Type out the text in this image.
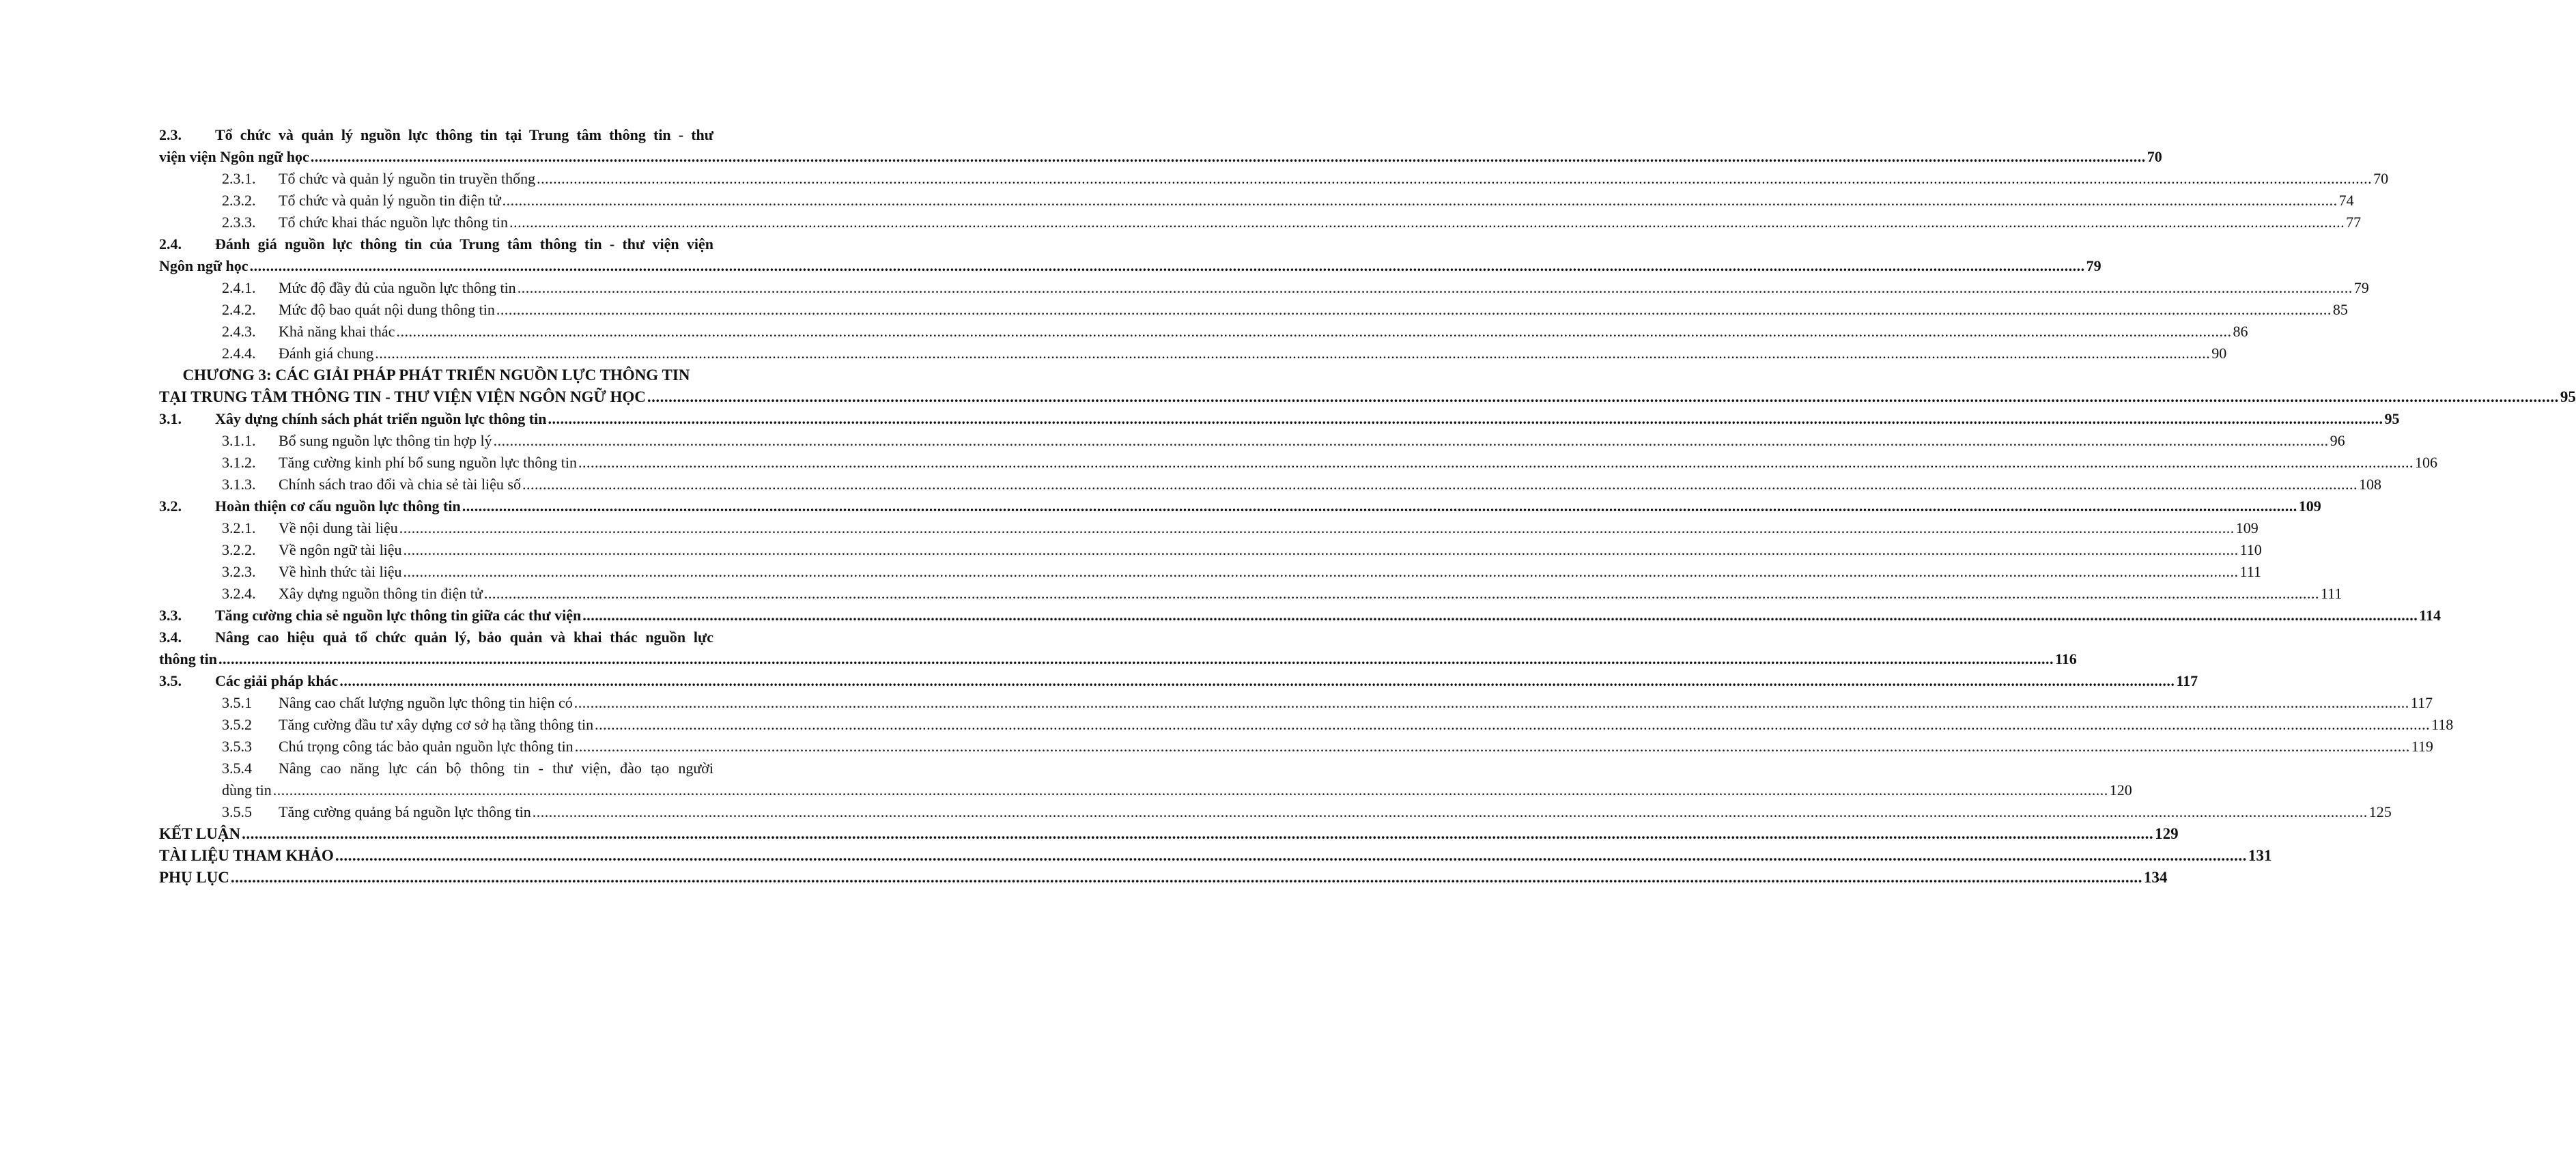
2.3.	Tổ chức và quản lý nguồn lực thông tin tại Trung tâm thông tin - thư
viện viện Ngôn ngữ học .....	70
2.3.1.	Tổ chức và quản lý nguồn tin truyền thống .....	70
2.3.2.	Tổ chức và quản lý nguồn tin điện tử .....	74
2.3.3.	Tổ chức khai thác nguồn lực thông tin .....	77
2.4.	Đánh giá nguồn lực thông tin của Trung tâm thông tin - thư viện viện
Ngôn ngữ học .....	79
2.4.1.	Mức độ đầy đủ của nguồn lực thông tin .....	79
2.4.2.	Mức độ bao quát nội dung thông tin .....	85
2.4.3.	Khả năng khai thác .....	86
2.4.4.	Đánh giá chung .....	90
CHƯƠNG 3: CÁC GIẢI PHÁP PHÁT TRIỂN NGUỒN LỰC THÔNG TIN
TẠI TRUNG TÂM THÔNG TIN - THƯ VIỆN VIỆN NGÔN NGỮ HỌC .....	95
3.1.	Xây dựng chính sách phát triển nguồn lực thông tin .....	95
3.1.1.	Bổ sung nguồn lực thông tin hợp lý .....	96
3.1.2.	Tăng cường kinh phí bổ sung nguồn lực thông tin .....	106
3.1.3.	Chính sách trao đổi và chia sẻ tài liệu số .....	108
3.2.	Hoàn thiện cơ cấu nguồn lực thông tin .....	109
3.2.1.	Về nội dung tài liệu .....	109
3.2.2.	Về ngôn ngữ tài liệu .....	110
3.2.3.	Về hình thức tài liệu .....	111
3.2.4.	Xây dựng nguồn thông tin điện tử .....	111
3.3.	Tăng cường chia sẻ nguồn lực thông tin giữa các thư viện .....	114
3.4.	Nâng cao hiệu quả tổ chức quản lý, bảo quản và khai thác nguồn lực
thông tin .....	116
3.5.	Các giải pháp khác .....	117
3.5.1	Nâng cao chất lượng nguồn lực thông tin hiện có .....	117
3.5.2	Tăng cường đầu tư xây dựng cơ sở hạ tầng thông tin .....	118
3.5.3	Chú trọng công tác bảo quản nguồn lực thông tin .....	119
3.5.4	Nâng cao năng lực cán bộ thông tin - thư viện, đào tạo người
dùng tin .....	120
3.5.5	Tăng cường quảng bá nguồn lực thông tin .....	125
KẾT LUẬN .....	129
TÀI LIỆU THAM KHẢO .....	131
PHỤ LỤC .....	134
